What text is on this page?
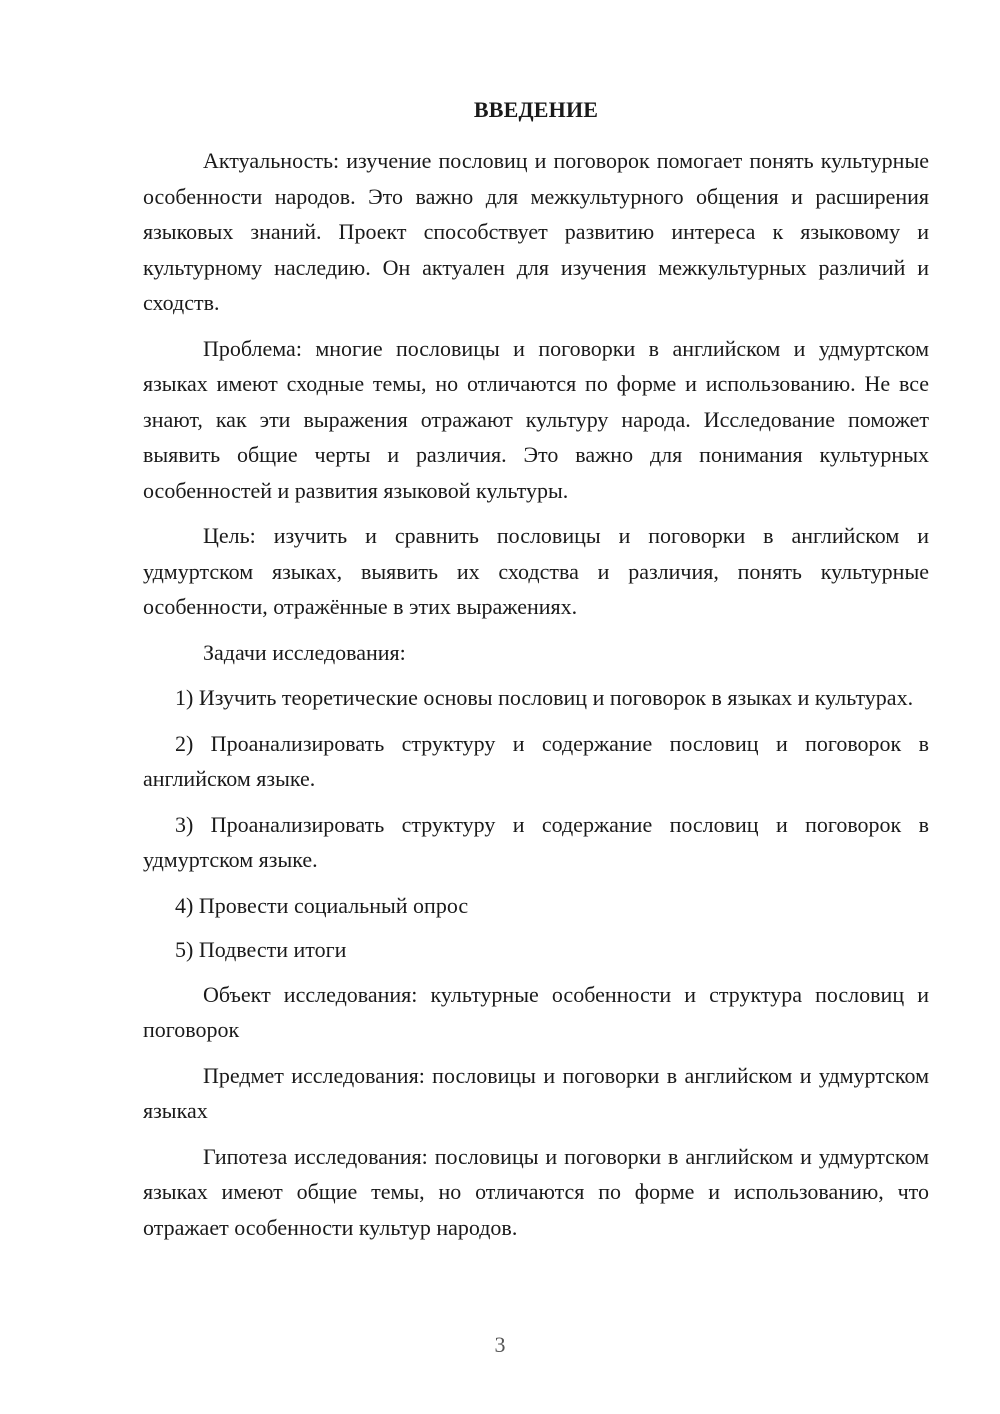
ВВЕДЕНИЕ

Актуальность: изучение пословиц и поговорок помогает понять культурные особенности народов. Это важно для межкультурного общения и расширения языковых знаний. Проект способствует развитию интереса к языковому и культурному наследию. Он актуален для изучения межкультурных различий и сходств.

Проблема: многие пословицы и поговорки в английском и удмуртском языках имеют сходные темы, но отличаются по форме и использованию. Не все знают, как эти выражения отражают культуру народа. Исследование поможет выявить общие черты и различия. Это важно для понимания культурных особенностей и развития языковой культуры.

Цель: изучить и сравнить пословицы и поговорки в английском и удмуртском языках, выявить их сходства и различия, понять культурные особенности, отражённые в этих выражениях.

Задачи исследования:

1) Изучить теоретические основы пословиц и поговорок в языках и культурах.

2) Проанализировать структуру и содержание пословиц и поговорок в английском языке.

3) Проанализировать структуру и содержание пословиц и поговорок в удмуртском языке.

4) Провести социальный опрос

5) Подвести итоги

Объект исследования: культурные особенности и структура пословиц и поговорок

Предмет исследования: пословицы и поговорки в английском и удмуртском языках

Гипотеза исследования: пословицы и поговорки в английском и удмуртском языках имеют общие темы, но отличаются по форме и использованию, что отражает особенности культур народов.

3
